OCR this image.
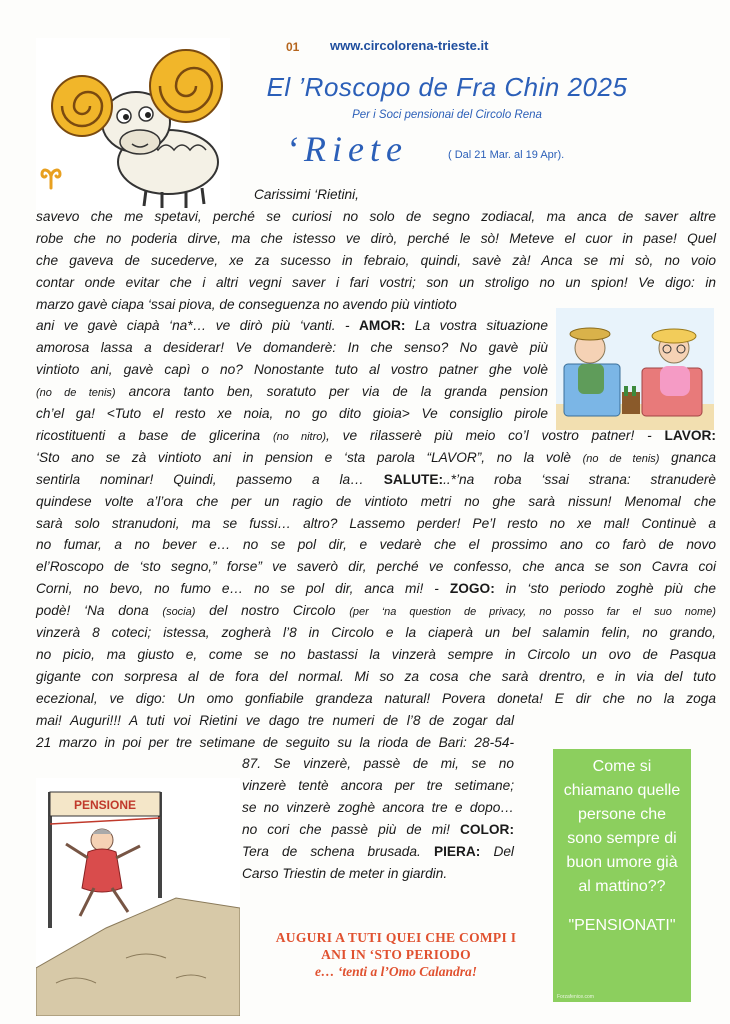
01 www.circolorena-trieste.it
El ’Roscopo de Fra Chin 2025
Per i Soci pensionai del Circolo Rena
‘Riete	( Dal 21 Mar. al 19 Apr).
Carissimi ‘Rietini,
savevo che me spetavi, perché se curiosi no solo de segno zodiacal, ma anca de saver altre
robe che no poderia dirve, ma che istesso ve dirò, perché le sò! Meteve el cuor in pase! Quel
che gaveva de sucederve, xe za sucesso in febraio, quindi, savè zà! Anca se mi sò, no voio
contar onde evitar che i altri vegni saver i fari vostri; son un stroligo no un spion! Ve digo: in
marzo gavè ciapa ‘ssai piova, de conseguenza no avendo più vintioto
ani ve gavè ciapà ‘na*… ve dirò più ‘vanti. - AMOR: La vostra situazione
amorosa lassa a desiderar! Ve domanderè: In che senso? No gavè più
vintioto ani, gavè capì o no? Nonostante tuto al vostro patner ghe volè
(no de tenis) ancora tanto ben, soratuto per via de la granda pension
ch’el ga! <Tuto el resto xe noia, no go dito gioia> Ve consiglio pirole
ricostituenti a base de glicerina (no nitro), ve rilasserè più meio co’l vostro patner! - LAVOR:
‘Sto ano se zà vintioto ani in pension e ‘sta parola “LAVOR”, no la volè (no de tenis) gnanca
sentirla nominar! Quindi, passemo a la… SALUTE:..*’na roba ‘ssai strana: stranuderè
quindese volte a’l’ora che per un ragio de vintioto metri no ghe sarà nissun! Menomal che
sarà solo stranudoni, ma se fussi… altro? Lassemo perder! Pe’l resto no xe mal! Continuè a
no fumar, a no bever e… no se pol dir, e vedarè che el prossimo ano co farò de novo
el’Roscopo de ‘sto segno,” forse” ve saverò dir, perché ve confesso, che anca se son Cavra coi
Corni, no bevo, no fumo e… no se pol dir, anca mi! - ZOGO: in ‘sto periodo zoghè più che
podè! ‘Na dona (socia) del nostro Circolo (per ‘na question de privacy, no posso far el suo nome)
vinzerà 8 coteci; istessa, zogherà l’8 in Circolo e la ciaperà un bel salamin felin, no grando,
no picio, ma giusto e, come se no bastassi la vinzerà sempre in Circolo un ovo de Pasqua
gigante con sorpresa al de fora del normal. Mi so za cosa che sarà drentro, e in via del tuto
ecezional, ve digo: Un omo gonfiabile grandeza natural! Povera doneta! E dir che no la zoga
mai! Auguri!!! A tuti voi Rietini ve dago tre numeri de l’8 de zogar dal
21 marzo in poi per tre setimane de seguito su la rioda de Bari: 28-54-
87. Se vinzerè, passè de mi, se no
vinzerè tentè ancora per tre setimane;
se no vinzerè zoghè ancora tre e dopo…
no cori che passè più de mi! COLOR:
Tera de schena brusada. PIERA: Del
Carso Triestin de meter in giardin.
PENSIONE
Come si chiamano quelle persone che sono sempre di buon umore già al mattino??
"PENSIONATI"
Forzafenice.com
AUGURI A TUTI QUEI CHE COMPI I
ANI IN ‘STO PERIODO
e… ‘tenti a l’Omo Calandra!
